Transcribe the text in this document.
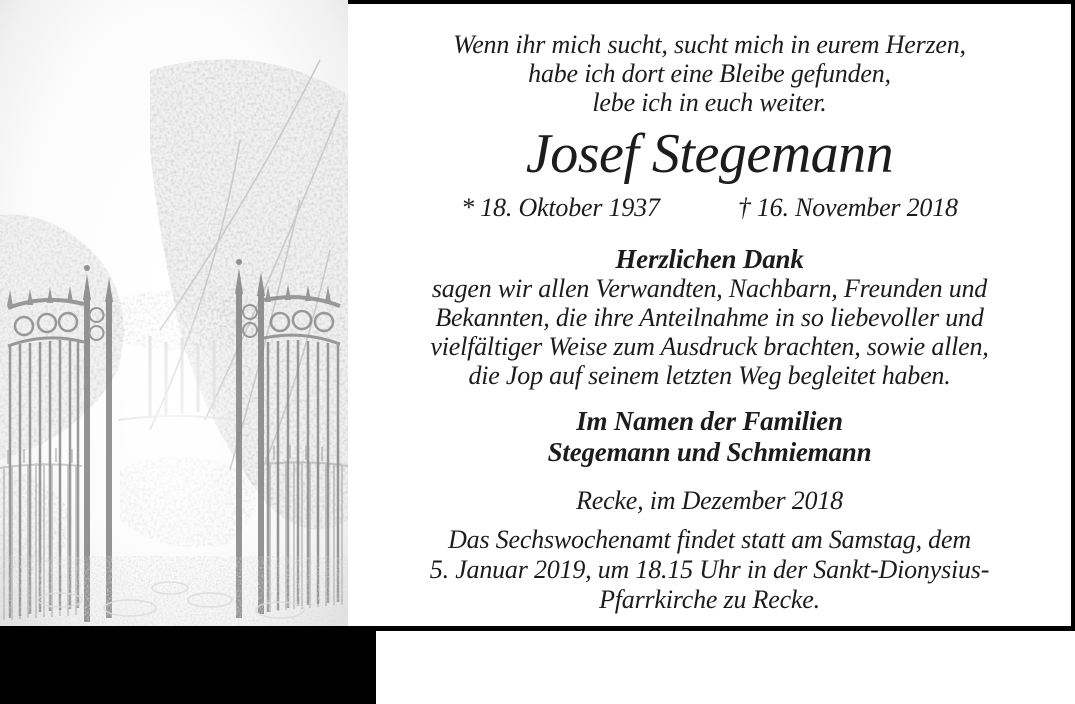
Wenn ihr mich sucht, sucht mich in eurem Herzen,
habe ich dort eine Bleibe gefunden,
lebe ich in euch weiter.
Josef Stegemann
* 18. Oktober 1937	† 16. November 2018
Herzlichen Dank
sagen wir allen Verwandten, Nachbarn, Freunden und
Bekannten, die ihre Anteilnahme in so liebevoller und
vielfältiger Weise zum Ausdruck brachten, sowie allen,
die Jop auf seinem letzten Weg begleitet haben.
Im Namen der Familien
Stegemann und Schmiemann
Recke, im Dezember 2018
Das Sechswochenamt findet statt am Samstag, dem
5. Januar 2019, um 18.15 Uhr in der Sankt-Dionysius-
Pfarrkirche zu Recke.
